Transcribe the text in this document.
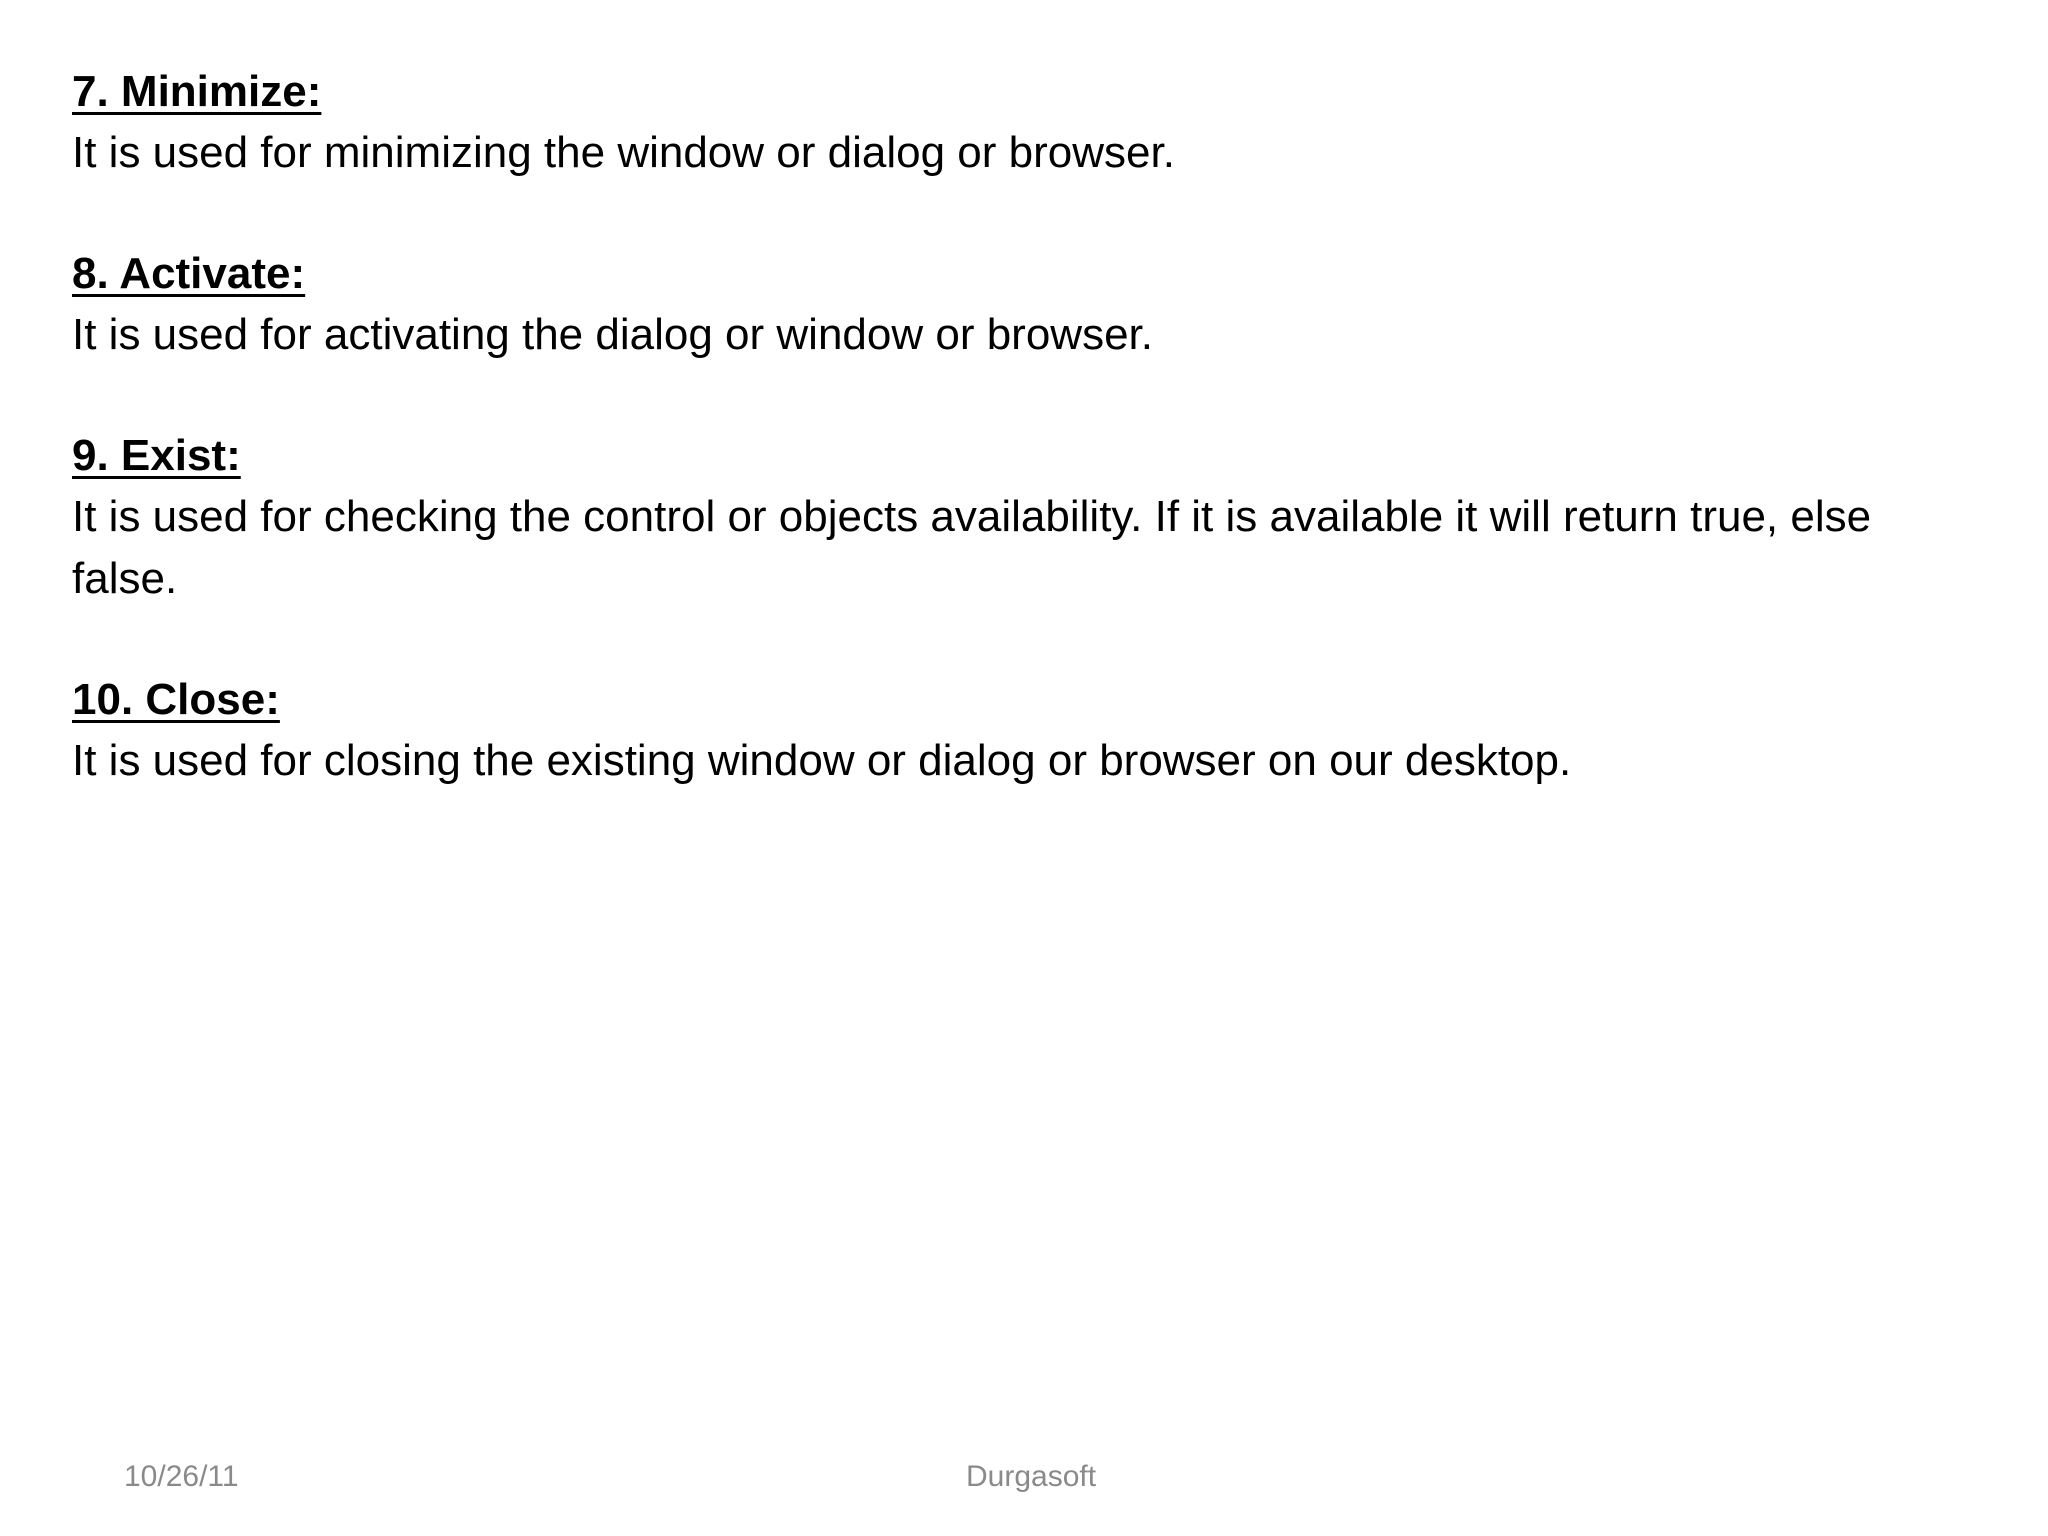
7. Minimize:

It is used for minimizing the window or dialog or browser.

8. Activate:

It is used for activating the dialog or window or browser.

9. Exist:

It is used for checking the control or objects availability. If it is available it will return true, else false.

10. Close:

It is used for closing the existing window or dialog or browser on our desktop.

10/26/11	Durgasoft
